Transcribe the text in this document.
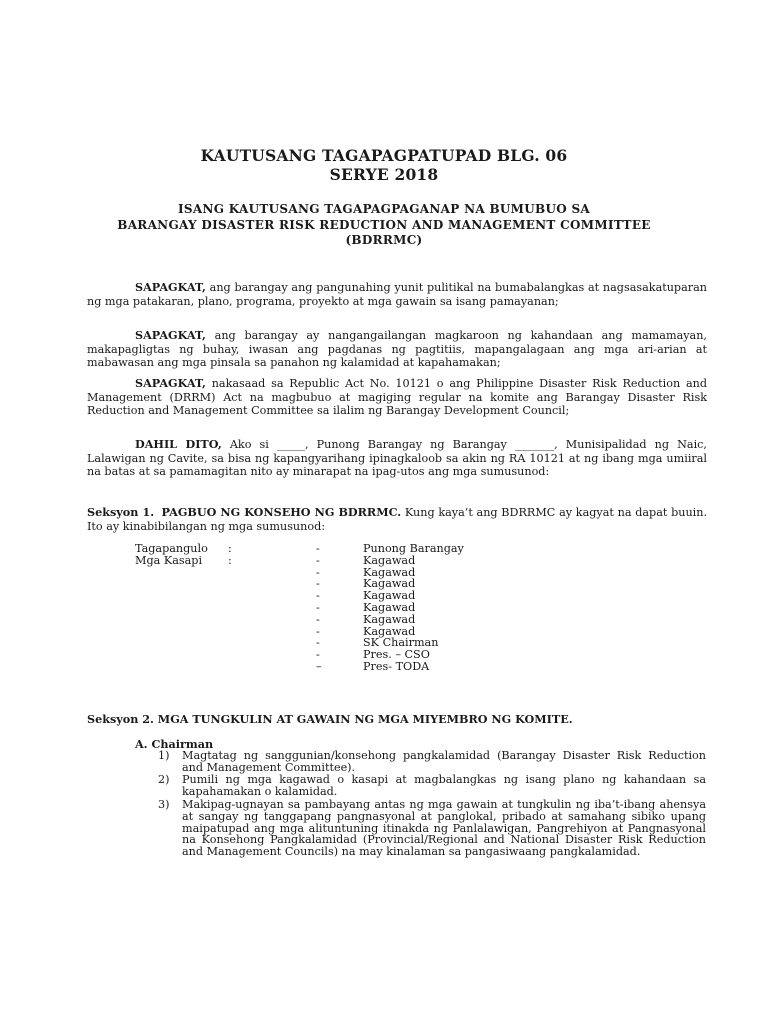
KAUTUSANG TAGAPAGPATUPAD BLG. 06
SERYE 2018
ISANG KAUTUSANG TAGAPAGPAGANAP NA BUMUBUO SA
BARANGAY DISASTER RISK REDUCTION AND MANAGEMENT COMMITTEE
(BDRRMC)
SAPAGKAT, ang barangay ang pangunahing yunit pulitikal na bumabalangkas at nagsasakatuparan ng mga patakaran, plano, programa, proyekto at mga gawain sa isang pamayanan;
SAPAGKAT, ang barangay ay nangangailangan magkaroon ng kahandaan ang mamamayan, makapagligtas ng buhay, iwasan ang pagdanas ng pagtitiis, mapangalagaan ang mga ari-arian at mabawasan ang mga pinsala sa panahon ng kalamidad at kapahamakan;
SAPAGKAT, nakasaad sa Republic Act No. 10121 o ang Philippine Disaster Risk Reduction and Management (DRRM) Act na magbubuo at magiging regular na komite ang Barangay Disaster Risk Reduction and Management Committee sa ilalim ng Barangay Development Council;
DAHIL DITO, Ako si _____, Punong Barangay ng Barangay _______, Munisipalidad ng Naic, Lalawigan ng Cavite, sa bisa ng kapangyarihang ipinagkaloob sa akin ng RA 10121 at ng ibang mga umiiral na batas at sa pamamagitan nito ay minarapat na ipag-utos ang mga sumusunod:
Seksyon 1. PAGBUO NG KONSEHO NG BDRRMC. Kung kaya’t ang BDRRMC ay kagyat na dapat buuin. Ito ay kinabibilangan ng mga sumusunod:
Tagapangulo :	-	Punong Barangay
Mga Kasapi :	-	Kagawad
-	Kagawad
-	Kagawad
-	Kagawad
-	Kagawad
-	Kagawad
-	Kagawad
-	SK Chairman
-	Pres. – CSO
–	Pres- TODA
Seksyon 2. MGA TUNGKULIN AT GAWAIN NG MGA MIYEMBRO NG KOMITE.
A. Chairman
1)	Magtatag ng sanggunian/konsehong pangkalamidad (Barangay Disaster Risk Reduction and Management Committee).
2)	Pumili ng mga kagawad o kasapi at magbalangkas ng isang plano ng kahandaan sa kapahamakan o kalamidad.
3)	Makipag-ugnayan sa pambayang antas ng mga gawain at tungkulin ng iba’t-ibang ahensya at sangay ng tanggapang pangnasyonal at panglokal, pribado at samahang sibiko upang maipatupad ang mga alituntuning itinakda ng Panlalawigan, Pangrehiyon at Pangnasyonal na Konsehong Pangkalamidad (Provincial/Regional and National Disaster Risk Reduction and Management Councils) na may kinalaman sa pangasiwaang pangkalamidad.
